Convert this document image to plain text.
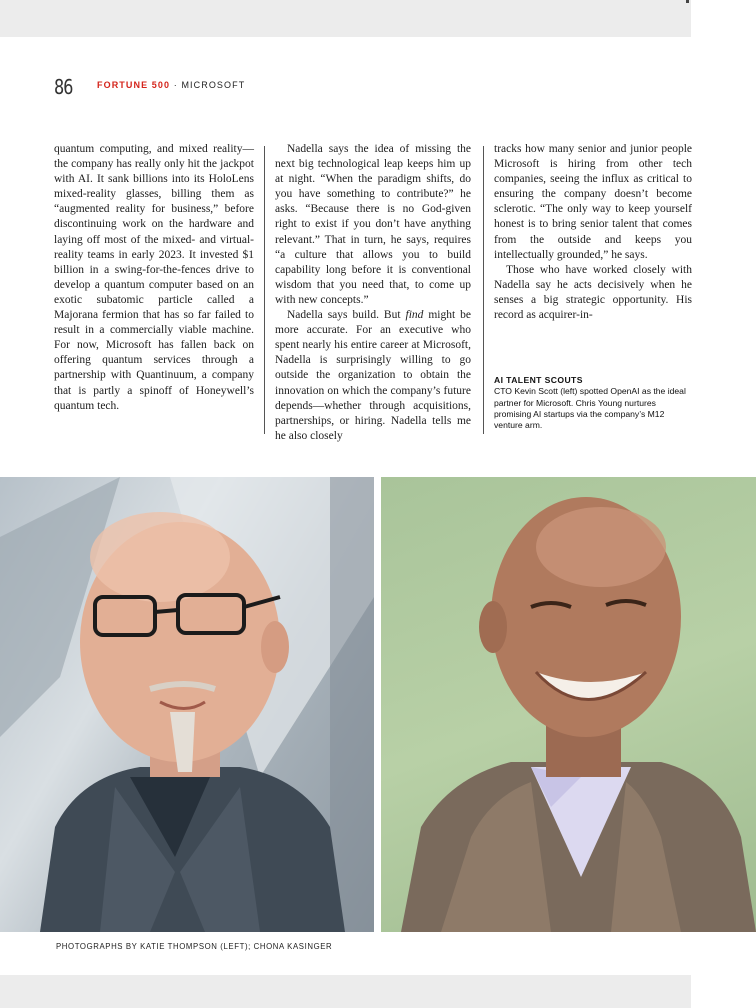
86	FORTUNE 500 · MICROSOFT

quantum computing, and mixed reality—the company has really only hit the jackpot with AI. It sank billions into its HoloLens mixed-reality glasses, billing them as “augmented reality for business,” before discontinuing work on the hardware and laying off most of the mixed- and virtual-reality teams in early 2023. It invested $1 billion in a swing-for-the-fences drive to develop a quantum computer based on an exotic subatomic particle called a Majorana fermion that has so far failed to result in a commercially viable machine. For now, Microsoft has fallen back on offering quantum services through a partnership with Quantinuum, a company that is partly a spinoff of Honeywell’s quantum tech.

Nadella says the idea of missing the next big technological leap keeps him up at night. “When the paradigm shifts, do you have something to contribute?” he asks. “Because there is no God-given right to exist if you don’t have anything relevant.” That in turn, he says, requires “a culture that allows you to build capability long before it is conventional wisdom that you need that, to come up with new concepts.”

Nadella says build. But find might be more accurate. For an executive who spent nearly his entire career at Microsoft, Nadella is surprisingly willing to go outside the organization to obtain the innovation on which the company’s future depends—whether through acquisitions, partnerships, or hiring. Nadella tells me he also closely

tracks how many senior and junior people Microsoft is hiring from other tech companies, seeing the influx as critical to ensuring the company doesn’t become sclerotic. “The only way to keep yourself honest is to bring senior talent that comes from the outside and keeps you intellectually grounded,” he says.

Those who have worked closely with Nadella say he acts decisively when he senses a big strategic opportunity. His record as acquirer-in-

AI TALENT SCOUTS
CTO Kevin Scott (left) spotted OpenAI as the ideal partner for Microsoft. Chris Young nurtures promising AI startups via the company’s M12 venture arm.
PHOTOGRAPHS BY KATIE THOMPSON (LEFT); CHONA KASINGER
